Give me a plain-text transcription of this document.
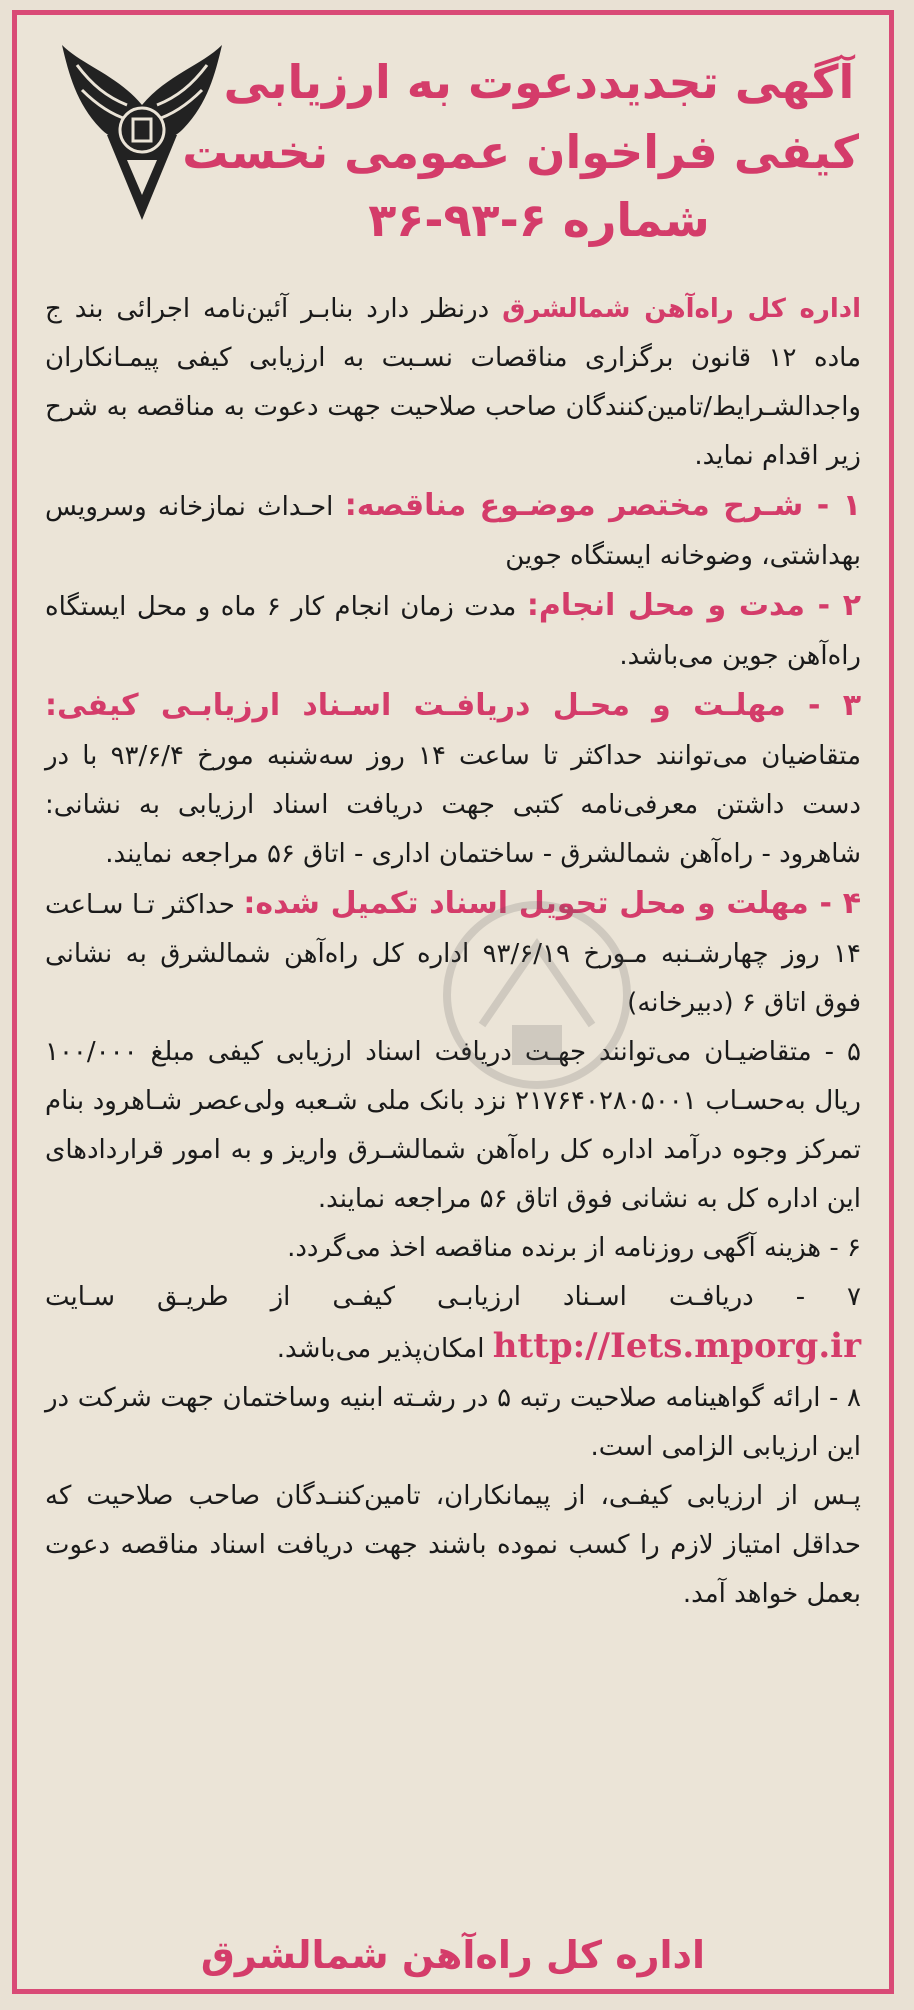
آگهی تجدیددعوت به ارزیابی
کیفی فراخوان عمومی نخست
شماره ۶-۹۳-۳۶

اداره کل راه‌آهن شمالشرق درنظر دارد بنابـر آئین‌نامه اجرائی بند ج ماده ۱۲ قانون برگزاری مناقصات نسـبت به ارزیابی کیفی پیمـانکاران واجدالشـرایط/تامین‌کنندگان صاحب صلاحیت جهت دعوت به مناقصه به شرح زیر اقدام نماید.

۱ - شـرح مختصر موضـوع مناقصه: احـداث نمازخانه وسرویس بهداشتی، وضوخانه ایستگاه جوین

۲ - مدت و محل انجام: مدت زمان انجام کار ۶ ماه و محل ایستگاه راه‌آهن جوین می‌باشد.

۳ - مهلـت و محـل دریافـت اسـناد ارزیابـی کیفی: متقاضیان می‌توانند حداکثر تا ساعت ۱۴ روز سه‌شنبه مورخ ۹۳/۶/۴ با در دست داشتن معرفی‌نامه کتبی جهت دریافت اسناد ارزیابی به نشانی: شاهرود - راه‌آهن شمالشرق - ساختمان اداری - اتاق ۵۶ مراجعه نمایند.

۴ - مهلت و محل تحویل اسناد تکمیل شده: حداکثر تـا سـاعت ۱۴ روز چهارشـنبه مـورخ ۹۳/۶/۱۹ اداره کل راه‌آهن شمالشرق به نشانی فوق اتاق ۶ (دبیرخانه)

۵ - متقاضیـان می‌توانند جهـت دریافت اسناد ارزیابی کیفی مبلغ ۱۰۰/۰۰۰ ریال به‌حسـاب ۲۱۷۶۴۰۲۸۰۵۰۰۱ نزد بانک ملی شـعبه ولی‌عصر شـاهرود بنام تمرکز وجوه درآمد اداره کل راه‌آهن شمالشـرق واریز و به امور قراردادهای این اداره کل به نشانی فوق اتاق ۵۶ مراجعه نمایند.

۶ - هزینه آگهی روزنامه از برنده مناقصه اخذ می‌گردد.

۷ - دریافـت اسـناد ارزیابـی کیفـی از طریـق سـایت http://Iets.mporg.ir امکان‌پذیر می‌باشد.

۸ - ارائه گواهینامه صلاحیت رتبه ۵ در رشـته ابنیه وساختمان جهت شرکت در این ارزیابی الزامی است.

پـس از ارزیابی کیفـی، از پیمانکاران، تامین‌کننـدگان صاحب صلاحیت که حداقل امتیاز لازم را کسب نموده باشند جهت دریافت اسناد مناقصه دعوت بعمل خواهد آمد.

اداره کل راه‌آهن شمالشرق
